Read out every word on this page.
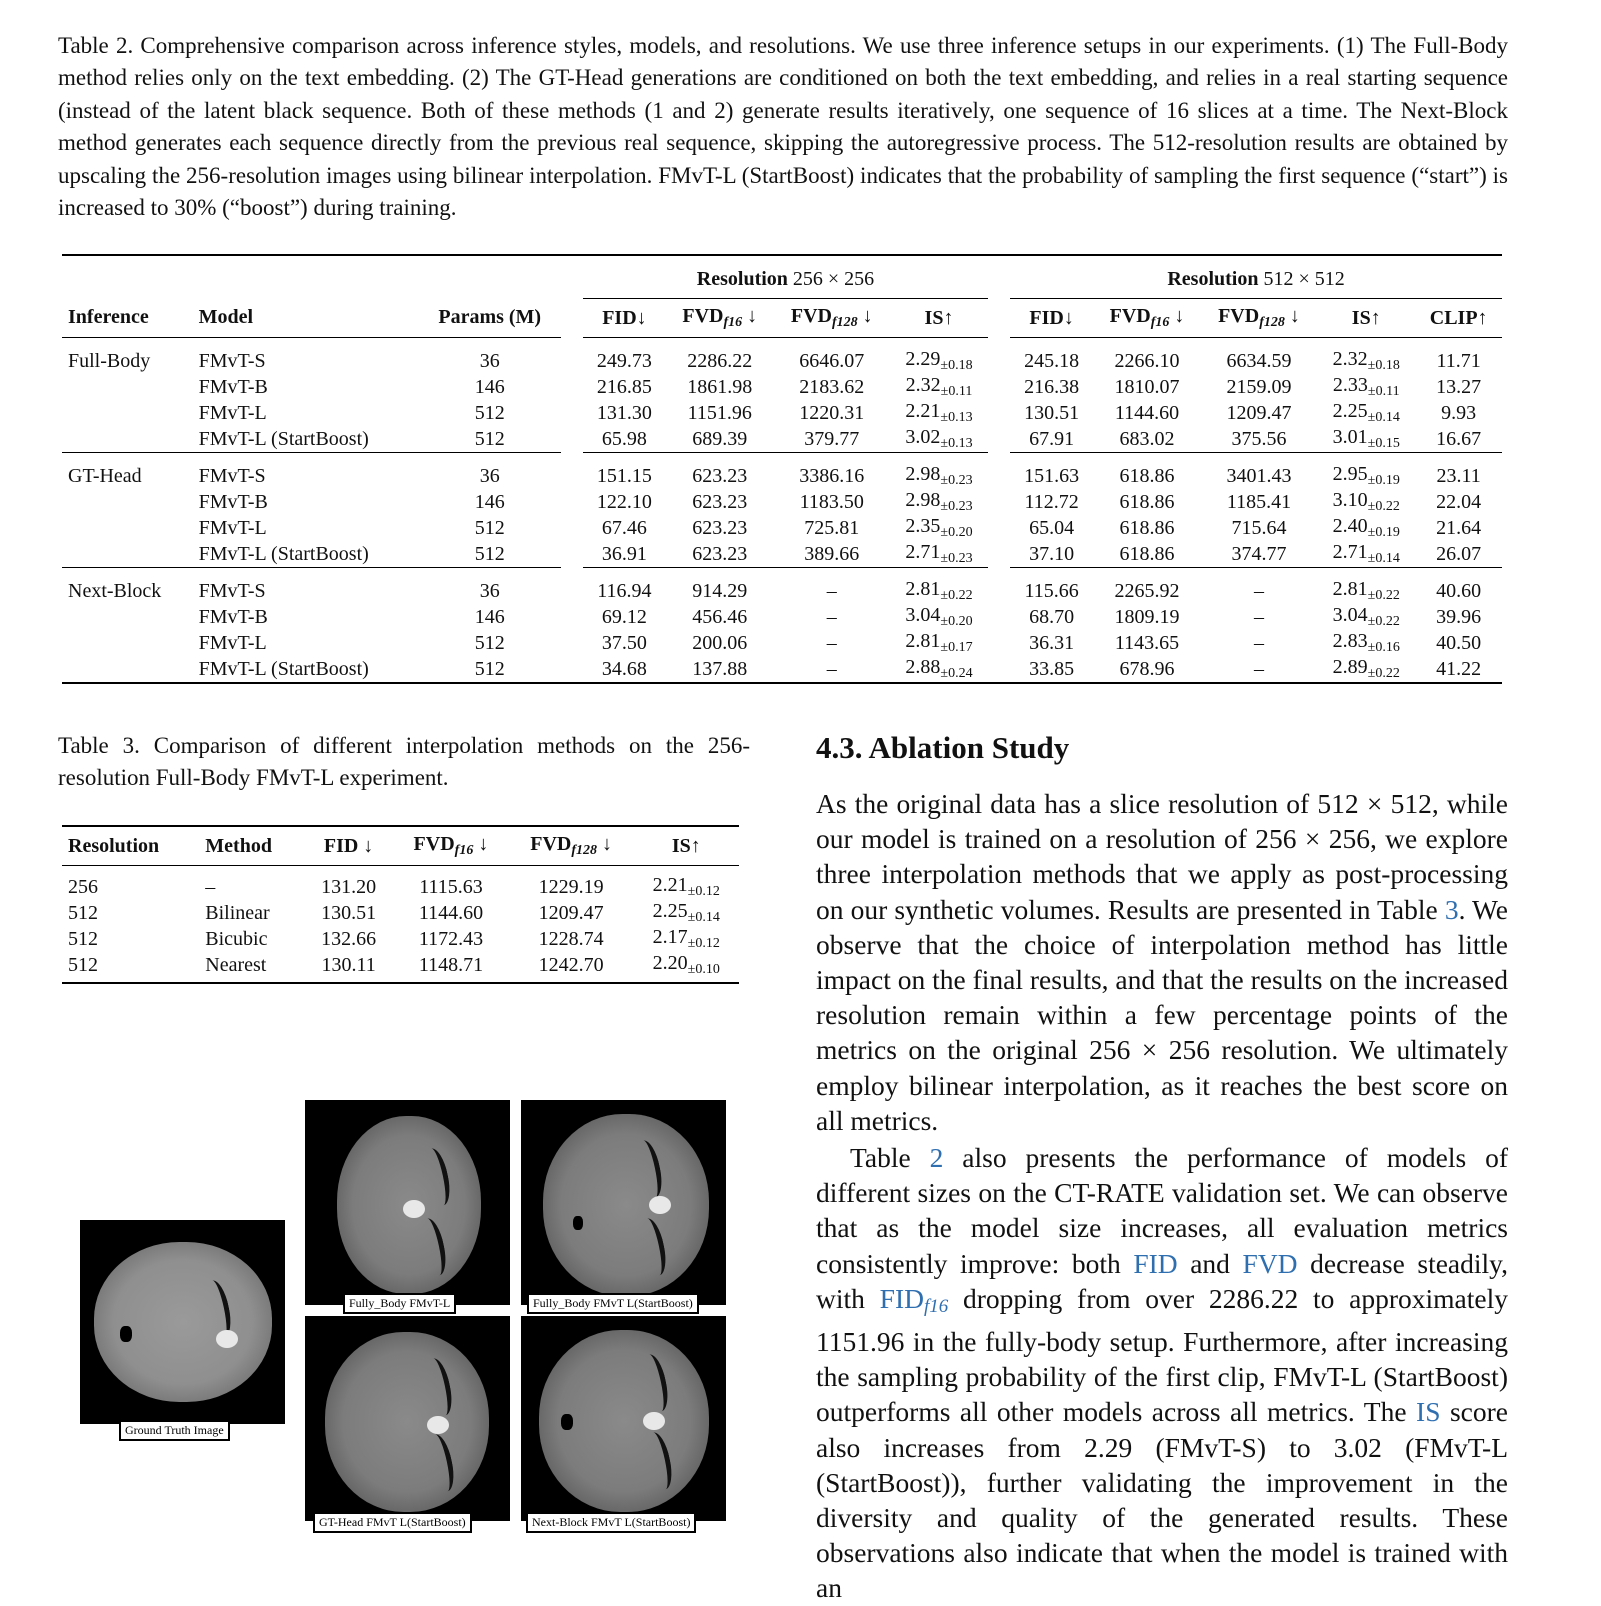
Table 2. Comprehensive comparison across inference styles, models, and resolutions. We use three inference setups in our experiments. (1) The Full-Body method relies only on the text embedding. (2) The GT-Head generations are conditioned on both the text embedding, and relies in a real starting sequence (instead of the latent black sequence. Both of these methods (1 and 2) generate results iteratively, one sequence of 16 slices at a time. The Next-Block method generates each sequence directly from the previous real sequence, skipping the autoregressive process. The 512-resolution results are obtained by upscaling the 256-resolution images using bilinear interpolation. FMvT-L (StartBoost) indicates that the probability of sampling the first sequence (“start”) is increased to 30% (“boost”) during training.
				Resolution 256 × 256					Resolution 512 × 512				
Inference	Model	Params (M)		FID↓	$FVD_{f16}$ ↓	$FVD_{f128}$ ↓	IS↑		FID↓	$FVD_{f16}$ ↓	$FVD_{f128}$ ↓	IS↑	CLIP↑
Full-Body	FMvT-S	36		249.73	2286.22	6646.07	$2.29_{\pm 0.18}$		245.18	2266.10	6634.59	$2.32_{\pm 0.18}$	11.71
	FMvT-B	146		216.85	1861.98	2183.62	$2.32_{\pm 0.11}$		216.38	1810.07	2159.09	$2.33_{\pm 0.11}$	13.27
	FMvT-L	512		131.30	1151.96	1220.31	$2.21_{\pm 0.13}$		130.51	1144.60	1209.47	$2.25_{\pm 0.14}$	9.93
	FMvT-L (StartBoost)	512		65.98	689.39	379.77	$3.02_{\pm 0.13}$		67.91	683.02	375.56	$3.01_{\pm 0.15}$	16.67
GT-Head	FMvT-S	36		151.15	623.23	3386.16	$2.98_{\pm 0.23}$		151.63	618.86	3401.43	$2.95_{\pm 0.19}$	23.11
	FMvT-B	146		122.10	623.23	1183.50	$2.98_{\pm 0.23}$		112.72	618.86	1185.41	$3.10_{\pm 0.22}$	22.04
	FMvT-L	512		67.46	623.23	725.81	$2.35_{\pm 0.20}$		65.04	618.86	715.64	$2.40_{\pm 0.19}$	21.64
	FMvT-L (StartBoost)	512		36.91	623.23	389.66	$2.71_{\pm 0.23}$		37.10	618.86	374.77	$2.71_{\pm 0.14}$	26.07
Next-Block	FMvT-S	36		116.94	914.29	–	$2.81_{\pm 0.22}$		115.66	2265.92	–	$2.81_{\pm 0.22}$	40.60
	FMvT-B	146		69.12	456.46	–	$3.04_{\pm 0.20}$		68.70	1809.19	–	$3.04_{\pm 0.22}$	39.96
	FMvT-L	512		37.50	200.06	–	$2.81_{\pm 0.17}$		36.31	1143.65	–	$2.83_{\pm 0.16}$	40.50
	FMvT-L (StartBoost)	512		34.68	137.88	–	$2.88_{\pm 0.24}$		33.85	678.96	–	$2.89_{\pm 0.22}$	41.22
Table 3. Comparison of different interpolation methods on the 256-resolution Full-Body FMvT-L experiment.
Resolution	Method	FID ↓	$FVD_{f16}$ ↓	$FVD_{f128}$ ↓	IS↑
256	–	131.20	1115.63	1229.19	$2.21_{\pm 0.12}$
512	Bilinear	130.51	1144.60	1209.47	$2.25_{\pm 0.14}$
512	Bicubic	132.66	1172.43	1228.74	$2.17_{\pm 0.12}$
512	Nearest	130.11	1148.71	1242.70	$2.20_{\pm 0.10}$
Ground Truth Image
Fully_Body FMvT-L	Fully_Body FMvT L(StartBoost)
GT-Head FMvT L(StartBoost)	Next-Block FMvT L(StartBoost)
4.3. Ablation Study

As the original data has a slice resolution of 512 × 512, while our model is trained on a resolution of 256 × 256, we explore three interpolation methods that we apply as post-processing on our synthetic volumes. Results are presented in Table 3. We observe that the choice of interpolation method has little impact on the final results, and that the results on the increased resolution remain within a few percentage points of the metrics on the original 256 × 256 resolution. We ultimately employ bilinear interpolation, as it reaches the best score on all metrics.

Table 2 also presents the performance of models of different sizes on the CT-RATE validation set. We can observe that as the model size increases, all evaluation metrics consistently improve: both FID and FVD decrease steadily, with FIDf16 dropping from over 2286.22 to approximately 1151.96 in the fully-body setup. Furthermore, after increasing the sampling probability of the first clip, FMvT-L (StartBoost) outperforms all other models across all metrics. The IS score also increases from 2.29 (FMvT-S) to 3.02 (FMvT-L (StartBoost)), further validating the improvement in the diversity and quality of the generated results. These observations also indicate that when the model is trained with an
